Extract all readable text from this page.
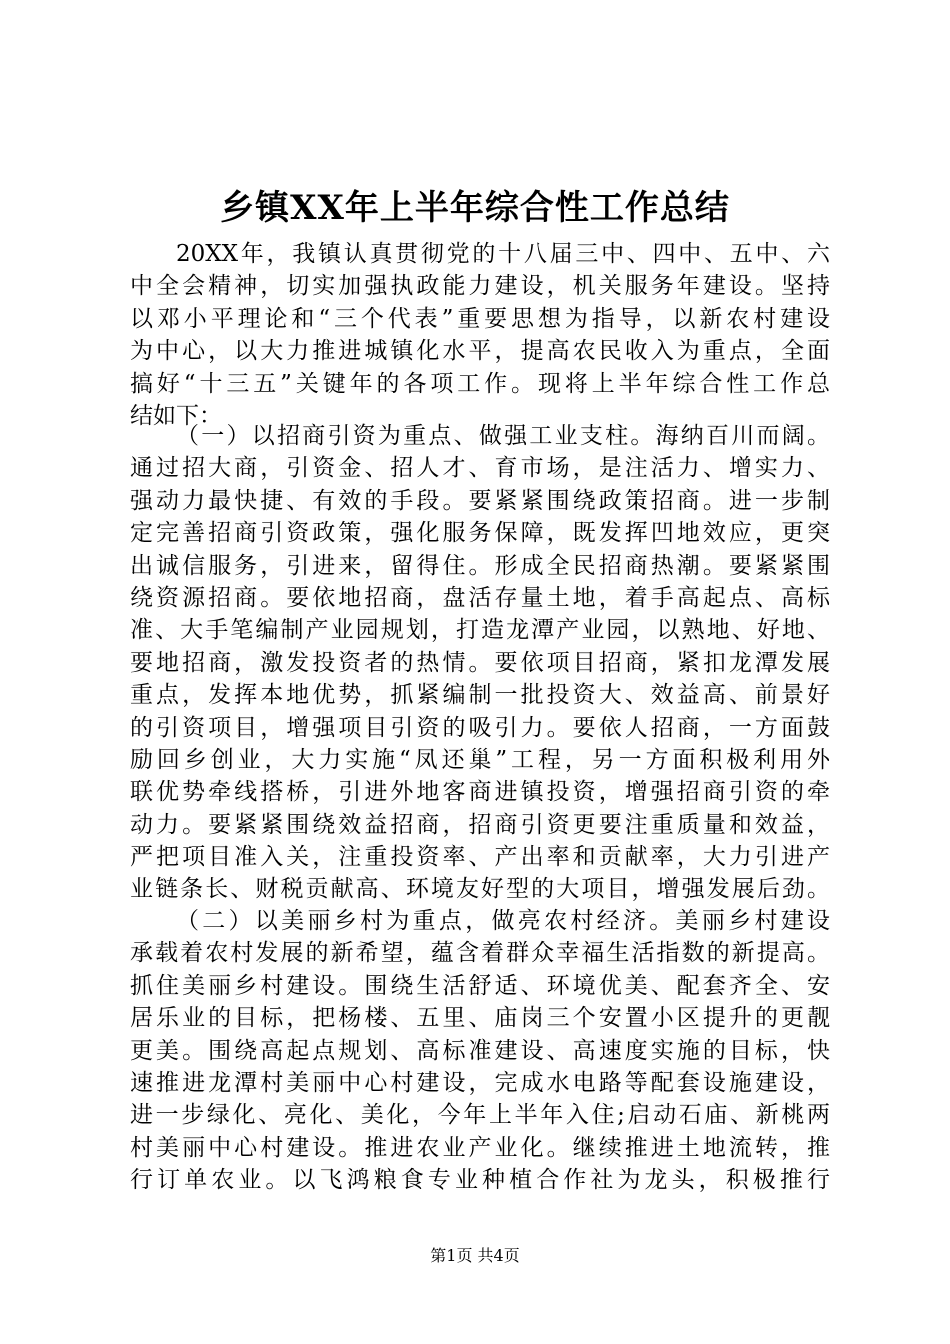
乡镇XX年上半年综合性工作总结
20XX年，我镇认真贯彻党的十八届三中、四中、五中、六
中全会精神，切实加强执政能力建设，机关服务年建设。坚持
以邓小平理论和“三个代表”重要思想为指导，以新农村建设
为中心，以大力推进城镇化水平，提高农民收入为重点，全面
搞好“十三五”关键年的各项工作。现将上半年综合性工作总
结如下：
（一）以招商引资为重点、做强工业支柱。海纳百川而阔。
通过招大商，引资金、招人才、育市场，是注活力、增实力、
强动力最快捷、有效的手段。要紧紧围绕政策招商。进一步制
定完善招商引资政策，强化服务保障，既发挥凹地效应，更突
出诚信服务，引进来，留得住。形成全民招商热潮。要紧紧围
绕资源招商。要依地招商，盘活存量土地，着手高起点、高标
准、大手笔编制产业园规划，打造龙潭产业园，以熟地、好地、
要地招商，激发投资者的热情。要依项目招商，紧扣龙潭发展
重点，发挥本地优势，抓紧编制一批投资大、效益高、前景好
的引资项目，增强项目引资的吸引力。要依人招商，一方面鼓
励回乡创业，大力实施“凤还巢”工程，另一方面积极利用外
联优势牵线搭桥，引进外地客商进镇投资，增强招商引资的牵
动力。要紧紧围绕效益招商，招商引资更要注重质量和效益，
严把项目准入关，注重投资率、产出率和贡献率，大力引进产
业链条长、财税贡献高、环境友好型的大项目，增强发展后劲。
（二）以美丽乡村为重点，做亮农村经济。美丽乡村建设
承载着农村发展的新希望，蕴含着群众幸福生活指数的新提高。
抓住美丽乡村建设。围绕生活舒适、环境优美、配套齐全、安
居乐业的目标，把杨楼、五里、庙岗三个安置小区提升的更靓
更美。围绕高起点规划、高标准建设、高速度实施的目标，快
速推进龙潭村美丽中心村建设，完成水电路等配套设施建设，
进一步绿化、亮化、美化，今年上半年入住;启动石庙、新桃两
村美丽中心村建设。推进农业产业化。继续推进土地流转，推
行订单农业。以飞鸿粮食专业种植合作社为龙头，积极推行
第1页 共4页
